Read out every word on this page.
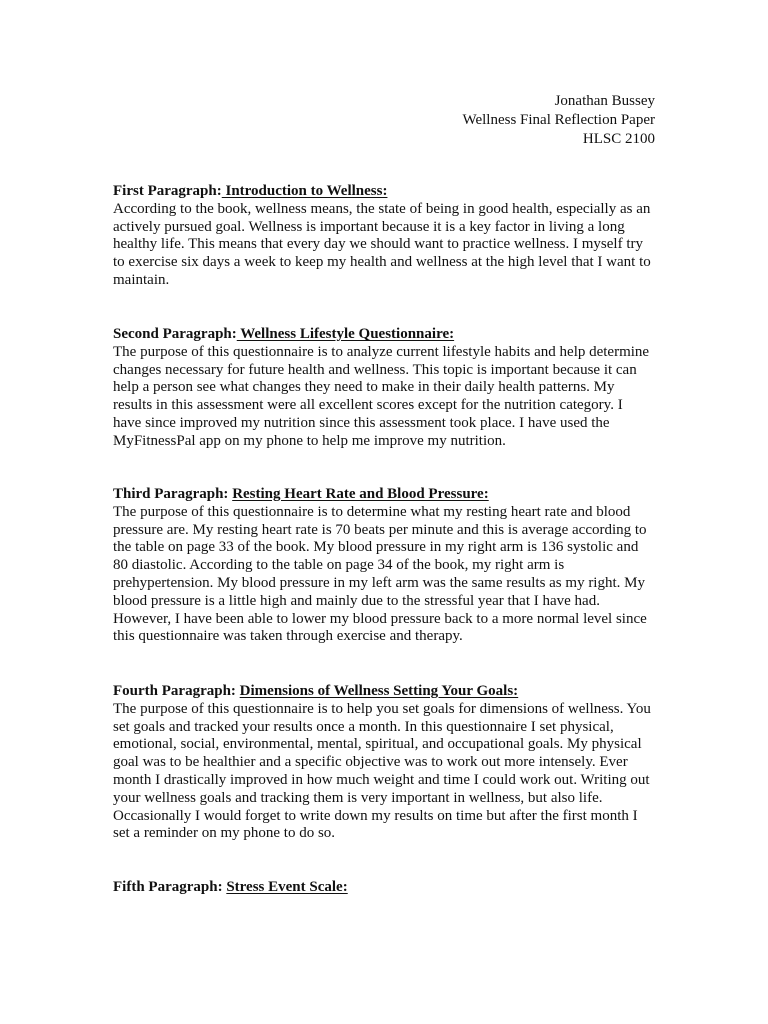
Jonathan Bussey
Wellness Final Reflection Paper
HLSC 2100
First Paragraph: Introduction to Wellness:
According to the book, wellness means, the state of being in good health, especially as an
actively pursued goal. Wellness is important because it is a key factor in living a long
healthy life. This means that every day we should want to practice wellness. I myself try
to exercise six days a week to keep my health and wellness at the high level that I want to
maintain.
Second Paragraph: Wellness Lifestyle Questionnaire:
The purpose of this questionnaire is to analyze current lifestyle habits and help determine
changes necessary for future health and wellness. This topic is important because it can
help a person see what changes they need to make in their daily health patterns. My
results in this assessment were all excellent scores except for the nutrition category. I
have since improved my nutrition since this assessment took place. I have used the
MyFitnessPal app on my phone to help me improve my nutrition.
Third Paragraph: Resting Heart Rate and Blood Pressure:
The purpose of this questionnaire is to determine what my resting heart rate and blood
pressure are. My resting heart rate is 70 beats per minute and this is average according to
the table on page 33 of the book. My blood pressure in my right arm is 136 systolic and
80 diastolic. According to the table on page 34 of the book, my right arm is
prehypertension. My blood pressure in my left arm was the same results as my right. My
blood pressure is a little high and mainly due to the stressful year that I have had.
However, I have been able to lower my blood pressure back to a more normal level since
this questionnaire was taken through exercise and therapy.
Fourth Paragraph: Dimensions of Wellness Setting Your Goals:
The purpose of this questionnaire is to help you set goals for dimensions of wellness. You
set goals and tracked your results once a month. In this questionnaire I set physical,
emotional, social, environmental, mental, spiritual, and occupational goals. My physical
goal was to be healthier and a specific objective was to work out more intensely. Ever
month I drastically improved in how much weight and time I could work out. Writing out
your wellness goals and tracking them is very important in wellness, but also life.
Occasionally I would forget to write down my results on time but after the first month I
set a reminder on my phone to do so.
Fifth Paragraph: Stress Event Scale:
